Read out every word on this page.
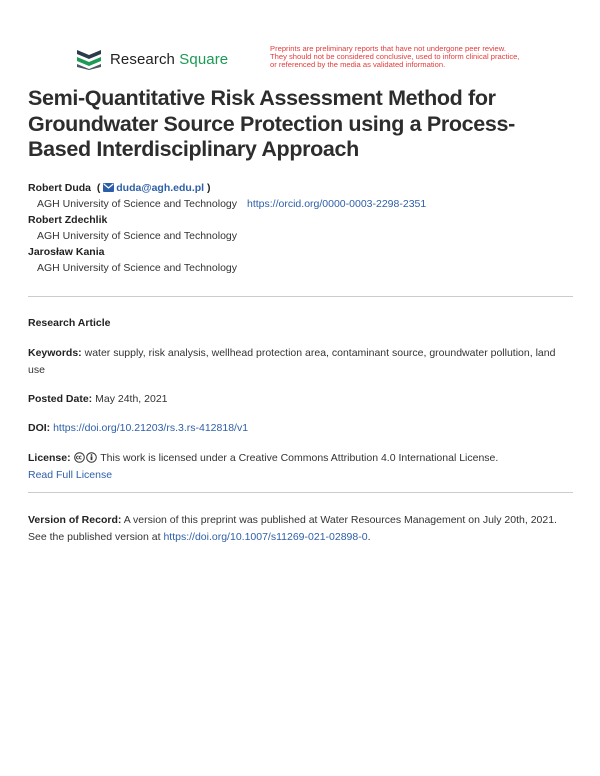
Research Square
Preprints are preliminary reports that have not undergone peer review.
They should not be considered conclusive, used to inform clinical practice,
or referenced by the media as validated information.
Semi-Quantitative Risk Assessment Method for Groundwater Source Protection using a Process-Based Interdisciplinary Approach
Robert Duda  ( duda@agh.edu.pl )
AGH University of Science and Technology https://orcid.org/0000-0003-2298-2351
Robert Zdechlik
AGH University of Science and Technology
Jarosław Kania
AGH University of Science and Technology
Research Article
Keywords: water supply, risk analysis, wellhead protection area, contaminant source, groundwater pollution, land use
Posted Date: May 24th, 2021
DOI: https://doi.org/10.21203/rs.3.rs-412818/v1
License:	This work is licensed under a Creative Commons Attribution 4.0 International License.
Read Full License
Version of Record: A version of this preprint was published at Water Resources Management on July 20th, 2021. See the published version at https://doi.org/10.1007/s11269-021-02898-0.
